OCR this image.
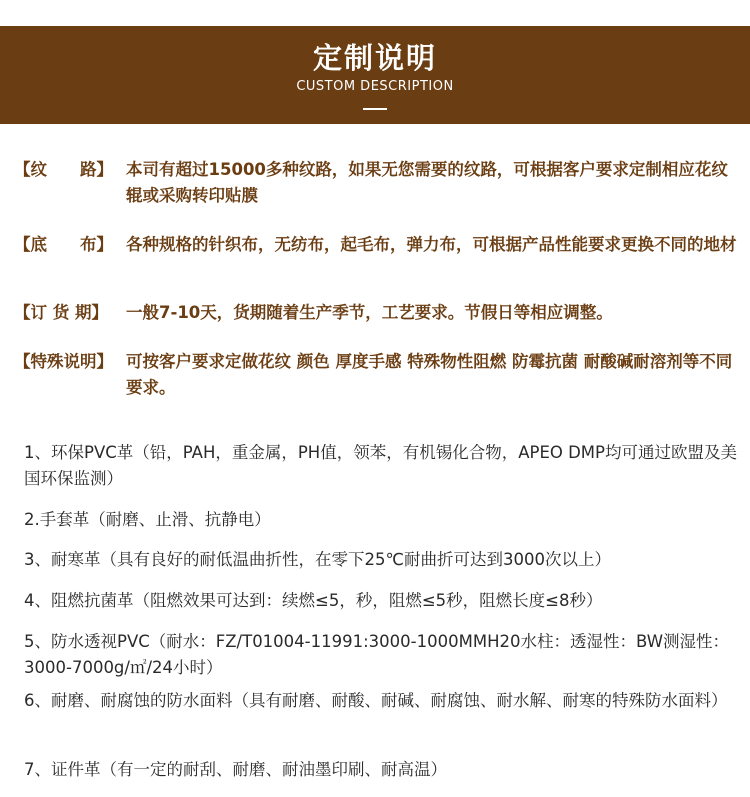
定制说明
CUSTOM DESCRIPTION
【纹　　路】 本司有超过15000多种纹路，如果无您需要的纹路，可根据客户要求定制相应花纹辊或采购转印贴膜
【底　　布】 各种规格的针织布，无纺布，起毛布，弹力布，可根据产品性能要求更换不同的地材
【订 货 期】	一般7-10天，货期随着生产季节，工艺要求。节假日等相应调整。
【特殊说明】 可按客户要求定做花纹 颜色 厚度手感 特殊物性阻燃 防霉抗菌 耐酸碱耐溶剂等不同要求。
1、环保PVC革（铅，PAH，重金属，PH值，领苯，有机锡化合物，APEO DMP均可通过欧盟及美国环保监测）
2.手套革（耐磨、止滑、抗静电）
3、耐寒革（具有良好的耐低温曲折性，在零下25℃耐曲折可达到3000次以上）
4、阻燃抗菌革（阻燃效果可达到：续燃≤5，秒，阻燃≤5秒，阻燃长度≤8秒）
5、防水透视PVC（耐水：FZ/T01004-11991:3000-1000MMH20水柱：透湿性：BW测湿性：3000-7000g/㎡/24小时）
6、耐磨、耐腐蚀的防水面料（具有耐磨、耐酸、耐碱、耐腐蚀、耐水解、耐寒的特殊防水面料）
7、证件革（有一定的耐刮、耐磨、耐油墨印刷、耐高温）
